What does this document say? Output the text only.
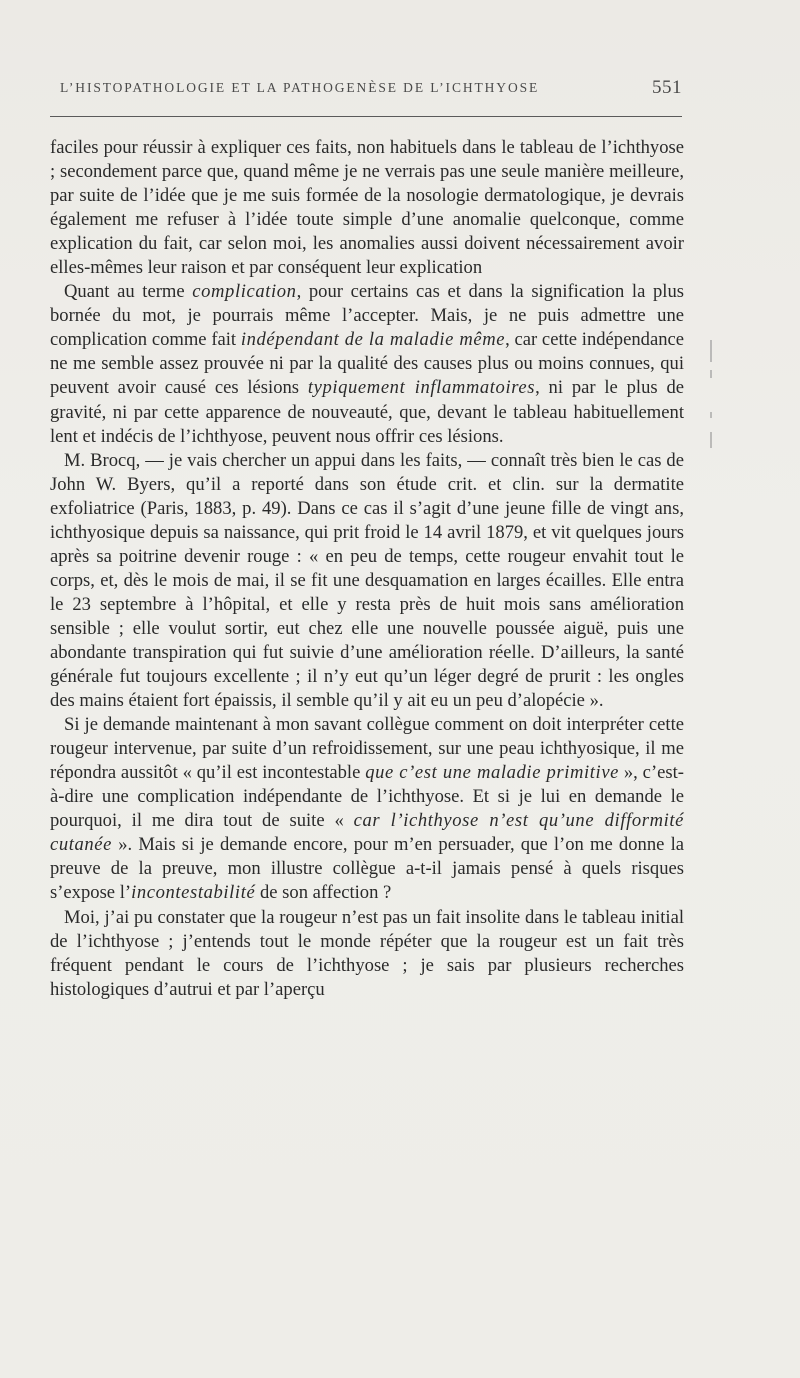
L’HISTOPATHOLOGIE ET LA PATHOGENÈSE DE L’ICHTHYOSE	551

faciles pour réussir à expliquer ces faits, non habituels dans le tableau de l’ichthyose ; secondement parce que, quand même je ne verrais pas une seule manière meilleure, par suite de l’idée que je me suis formée de la nosologie dermatologique, je devrais également me refuser à l’idée toute simple d’une anomalie quelconque, comme explication du fait, car selon moi, les anomalies aussi doivent nécessairement avoir elles-mêmes leur raison et par conséquent leur explication

Quant au terme complication, pour certains cas et dans la signification la plus bornée du mot, je pourrais même l’accepter. Mais, je ne puis admettre une complication comme fait indépendant de la maladie même, car cette indépendance ne me semble assez prouvée ni par la qualité des causes plus ou moins connues, qui peuvent avoir causé ces lésions typiquement inflammatoires, ni par le plus de gravité, ni par cette apparence de nouveauté, que, devant le tableau habituellement lent et indécis de l’ichthyose, peuvent nous offrir ces lésions.

M. Brocq, — je vais chercher un appui dans les faits, — connaît très bien le cas de John W. Byers, qu’il a reporté dans son étude crit. et clin. sur la dermatite exfoliatrice (Paris, 1883, p. 49). Dans ce cas il s’agit d’une jeune fille de vingt ans, ichthyosique depuis sa naissance, qui prit froid le 14 avril 1879, et vit quelques jours après sa poitrine devenir rouge : « en peu de temps, cette rougeur envahit tout le corps, et, dès le mois de mai, il se fit une desquamation en larges écailles. Elle entra le 23 septembre à l’hôpital, et elle y resta près de huit mois sans amélioration sensible ; elle voulut sortir, eut chez elle une nouvelle poussée aiguë, puis une abondante transpiration qui fut suivie d’une amélioration réelle. D’ailleurs, la santé générale fut toujours excellente ; il n’y eut qu’un léger degré de prurit : les ongles des mains étaient fort épaissis, il semble qu’il y ait eu un peu d’alopécie ».

Si je demande maintenant à mon savant collègue comment on doit interpréter cette rougeur intervenue, par suite d’un refroidissement, sur une peau ichthyosique, il me répondra aussitôt « qu’il est incontestable que c’est une maladie primitive », c’est-à-dire une complication indépendante de l’ichthyose. Et si je lui en demande le pourquoi, il me dira tout de suite « car l’ichthyose n’est qu’une difformité cutanée ». Mais si je demande encore, pour m’en persuader, que l’on me donne la preuve de la preuve, mon illustre collègue a-t-il jamais pensé à quels risques s’expose l’incontestabilité de son affection ?

Moi, j’ai pu constater que la rougeur n’est pas un fait insolite dans le tableau initial de l’ichthyose ; j’entends tout le monde répéter que la rougeur est un fait très fréquent pendant le cours de l’ichthyose ; je sais par plusieurs recherches histologiques d’autrui et par l’aperçu
